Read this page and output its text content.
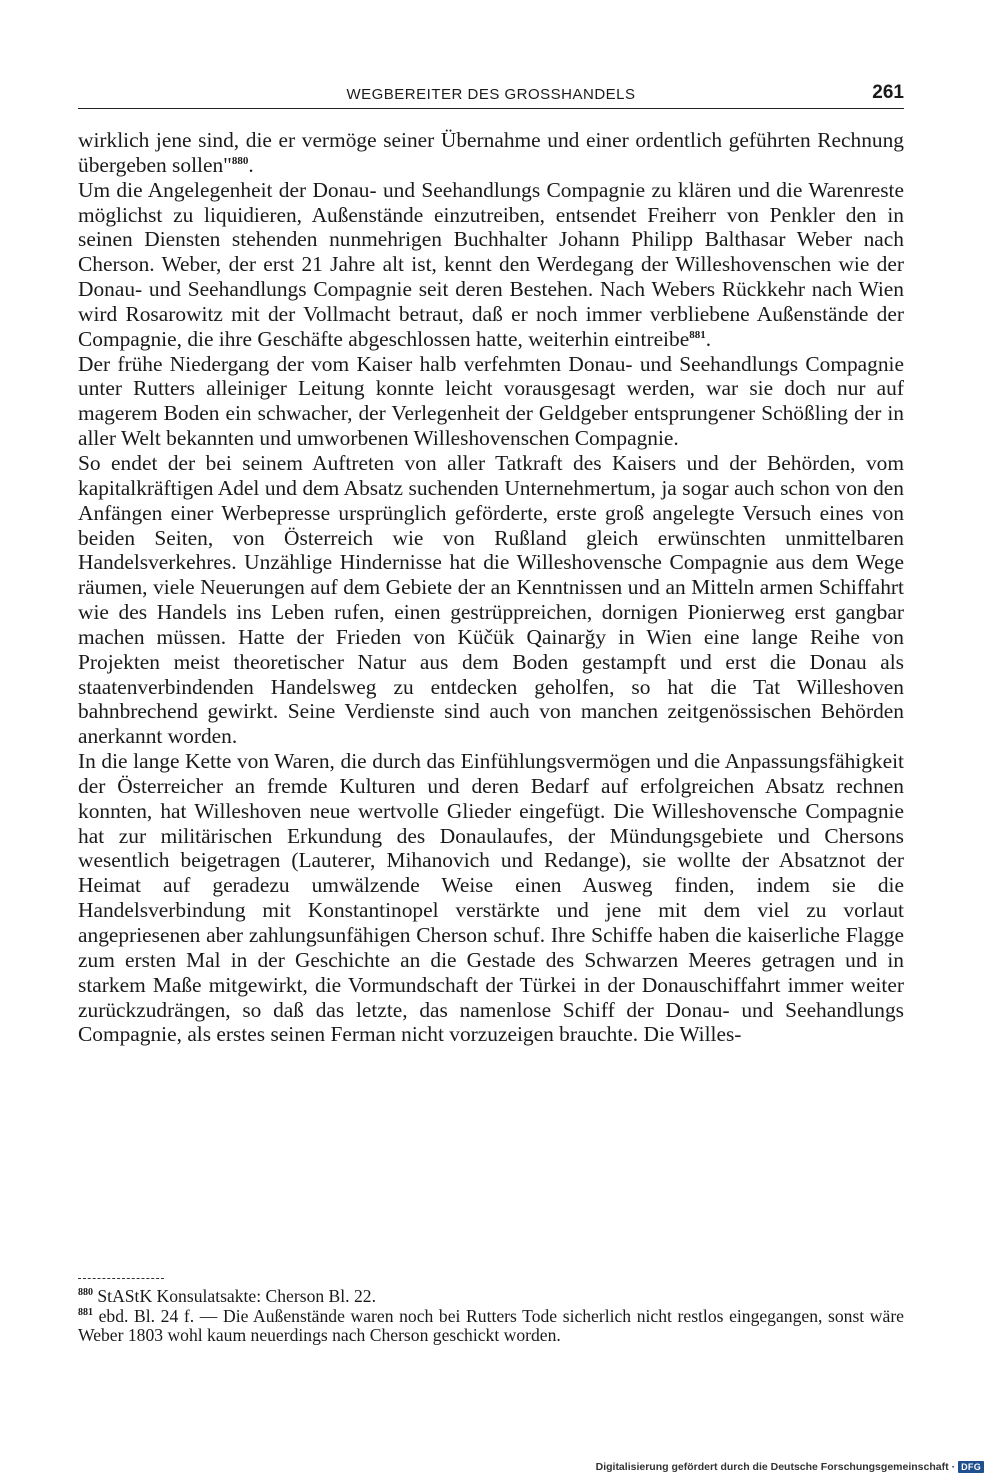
WEGBEREITER DES GROSSHANDELS	261

wirklich jene sind, die er vermöge seiner Übernahme und einer ordentlich geführten Rechnung übergeben sollen"$^{880}$.

Um die Angelegenheit der Donau- und Seehandlungs Compagnie zu klären und die Warenreste möglichst zu liquidieren, Außenstände einzutreiben, entsendet Freiherr von Penkler den in seinen Diensten stehenden nunmehrigen Buchhalter Johann Philipp Balthasar Weber nach Cherson. Weber, der erst 21 Jahre alt ist, kennt den Werdegang der Willeshovenschen wie der Donau- und Seehandlungs Compagnie seit deren Bestehen. Nach Webers Rückkehr nach Wien wird Rosarowitz mit der Vollmacht betraut, daß er noch immer verbliebene Außenstände der Compagnie, die ihre Geschäfte abgeschlossen hatte, weiterhin eintreibe$^{881}$.

Der frühe Niedergang der vom Kaiser halb verfehmten Donau- und Seehandlungs Compagnie unter Rutters alleiniger Leitung konnte leicht vorausgesagt werden, war sie doch nur auf magerem Boden ein schwacher, der Verlegenheit der Geldgeber entsprungener Schößling der in aller Welt bekannten und umworbenen Willeshovenschen Compagnie.

So endet der bei seinem Auftreten von aller Tatkraft des Kaisers und der Behörden, vom kapitalkräftigen Adel und dem Absatz suchenden Unternehmertum, ja sogar auch schon von den Anfängen einer Werbepresse ursprünglich geförderte, erste groß angelegte Versuch eines von beiden Seiten, von Österreich wie von Rußland gleich erwünschten unmittelbaren Handelsverkehres. Unzählige Hindernisse hat die Willeshovensche Compagnie aus dem Wege räumen, viele Neuerungen auf dem Gebiete der an Kenntnissen und an Mitteln armen Schiffahrt wie des Handels ins Leben rufen, einen gestrüppreichen, dornigen Pionierweg erst gangbar machen müssen. Hatte der Frieden von Küčük Qainarğy in Wien eine lange Reihe von Projekten meist theoretischer Natur aus dem Boden gestampft und erst die Donau als staatenverbindenden Handelsweg zu entdecken geholfen, so hat die Tat Willeshoven bahnbrechend gewirkt. Seine Verdienste sind auch von manchen zeitgenössischen Behörden anerkannt worden.

In die lange Kette von Waren, die durch das Einfühlungsvermögen und die Anpassungsfähigkeit der Österreicher an fremde Kulturen und deren Bedarf auf erfolgreichen Absatz rechnen konnten, hat Willeshoven neue wertvolle Glieder eingefügt. Die Willeshovensche Compagnie hat zur militärischen Erkundung des Donaulaufes, der Mündungsgebiete und Chersons wesentlich beigetragen (Lauterer, Mihanovich und Redange), sie wollte der Absatznot der Heimat auf geradezu umwälzende Weise einen Ausweg finden, indem sie die Handelsverbindung mit Konstantinopel verstärkte und jene mit dem viel zu vorlaut angepriesenen aber zahlungsunfähigen Cherson schuf. Ihre Schiffe haben die kaiserliche Flagge zum ersten Mal in der Geschichte an die Gestade des Schwarzen Meeres getragen und in starkem Maße mitgewirkt, die Vormundschaft der Türkei in der Donauschiffahrt immer weiter zurückzudrängen, so daß das letzte, das namenlose Schiff der Donau- und Seehandlungs Compagnie, als erstes seinen Ferman nicht vorzuzeigen brauchte. Die Willes-

$^{880}$ StAStK Konsulatsakte: Cherson Bl. 22.

$^{881}$ ebd. Bl. 24 f. — Die Außenstände waren noch bei Rutters Tode sicherlich nicht restlos eingegangen, sonst wäre Weber 1803 wohl kaum neuerdings nach Cherson geschickt worden.

Digitalisierung gefördert durch die Deutsche Forschungsgemeinschaft · DFG
